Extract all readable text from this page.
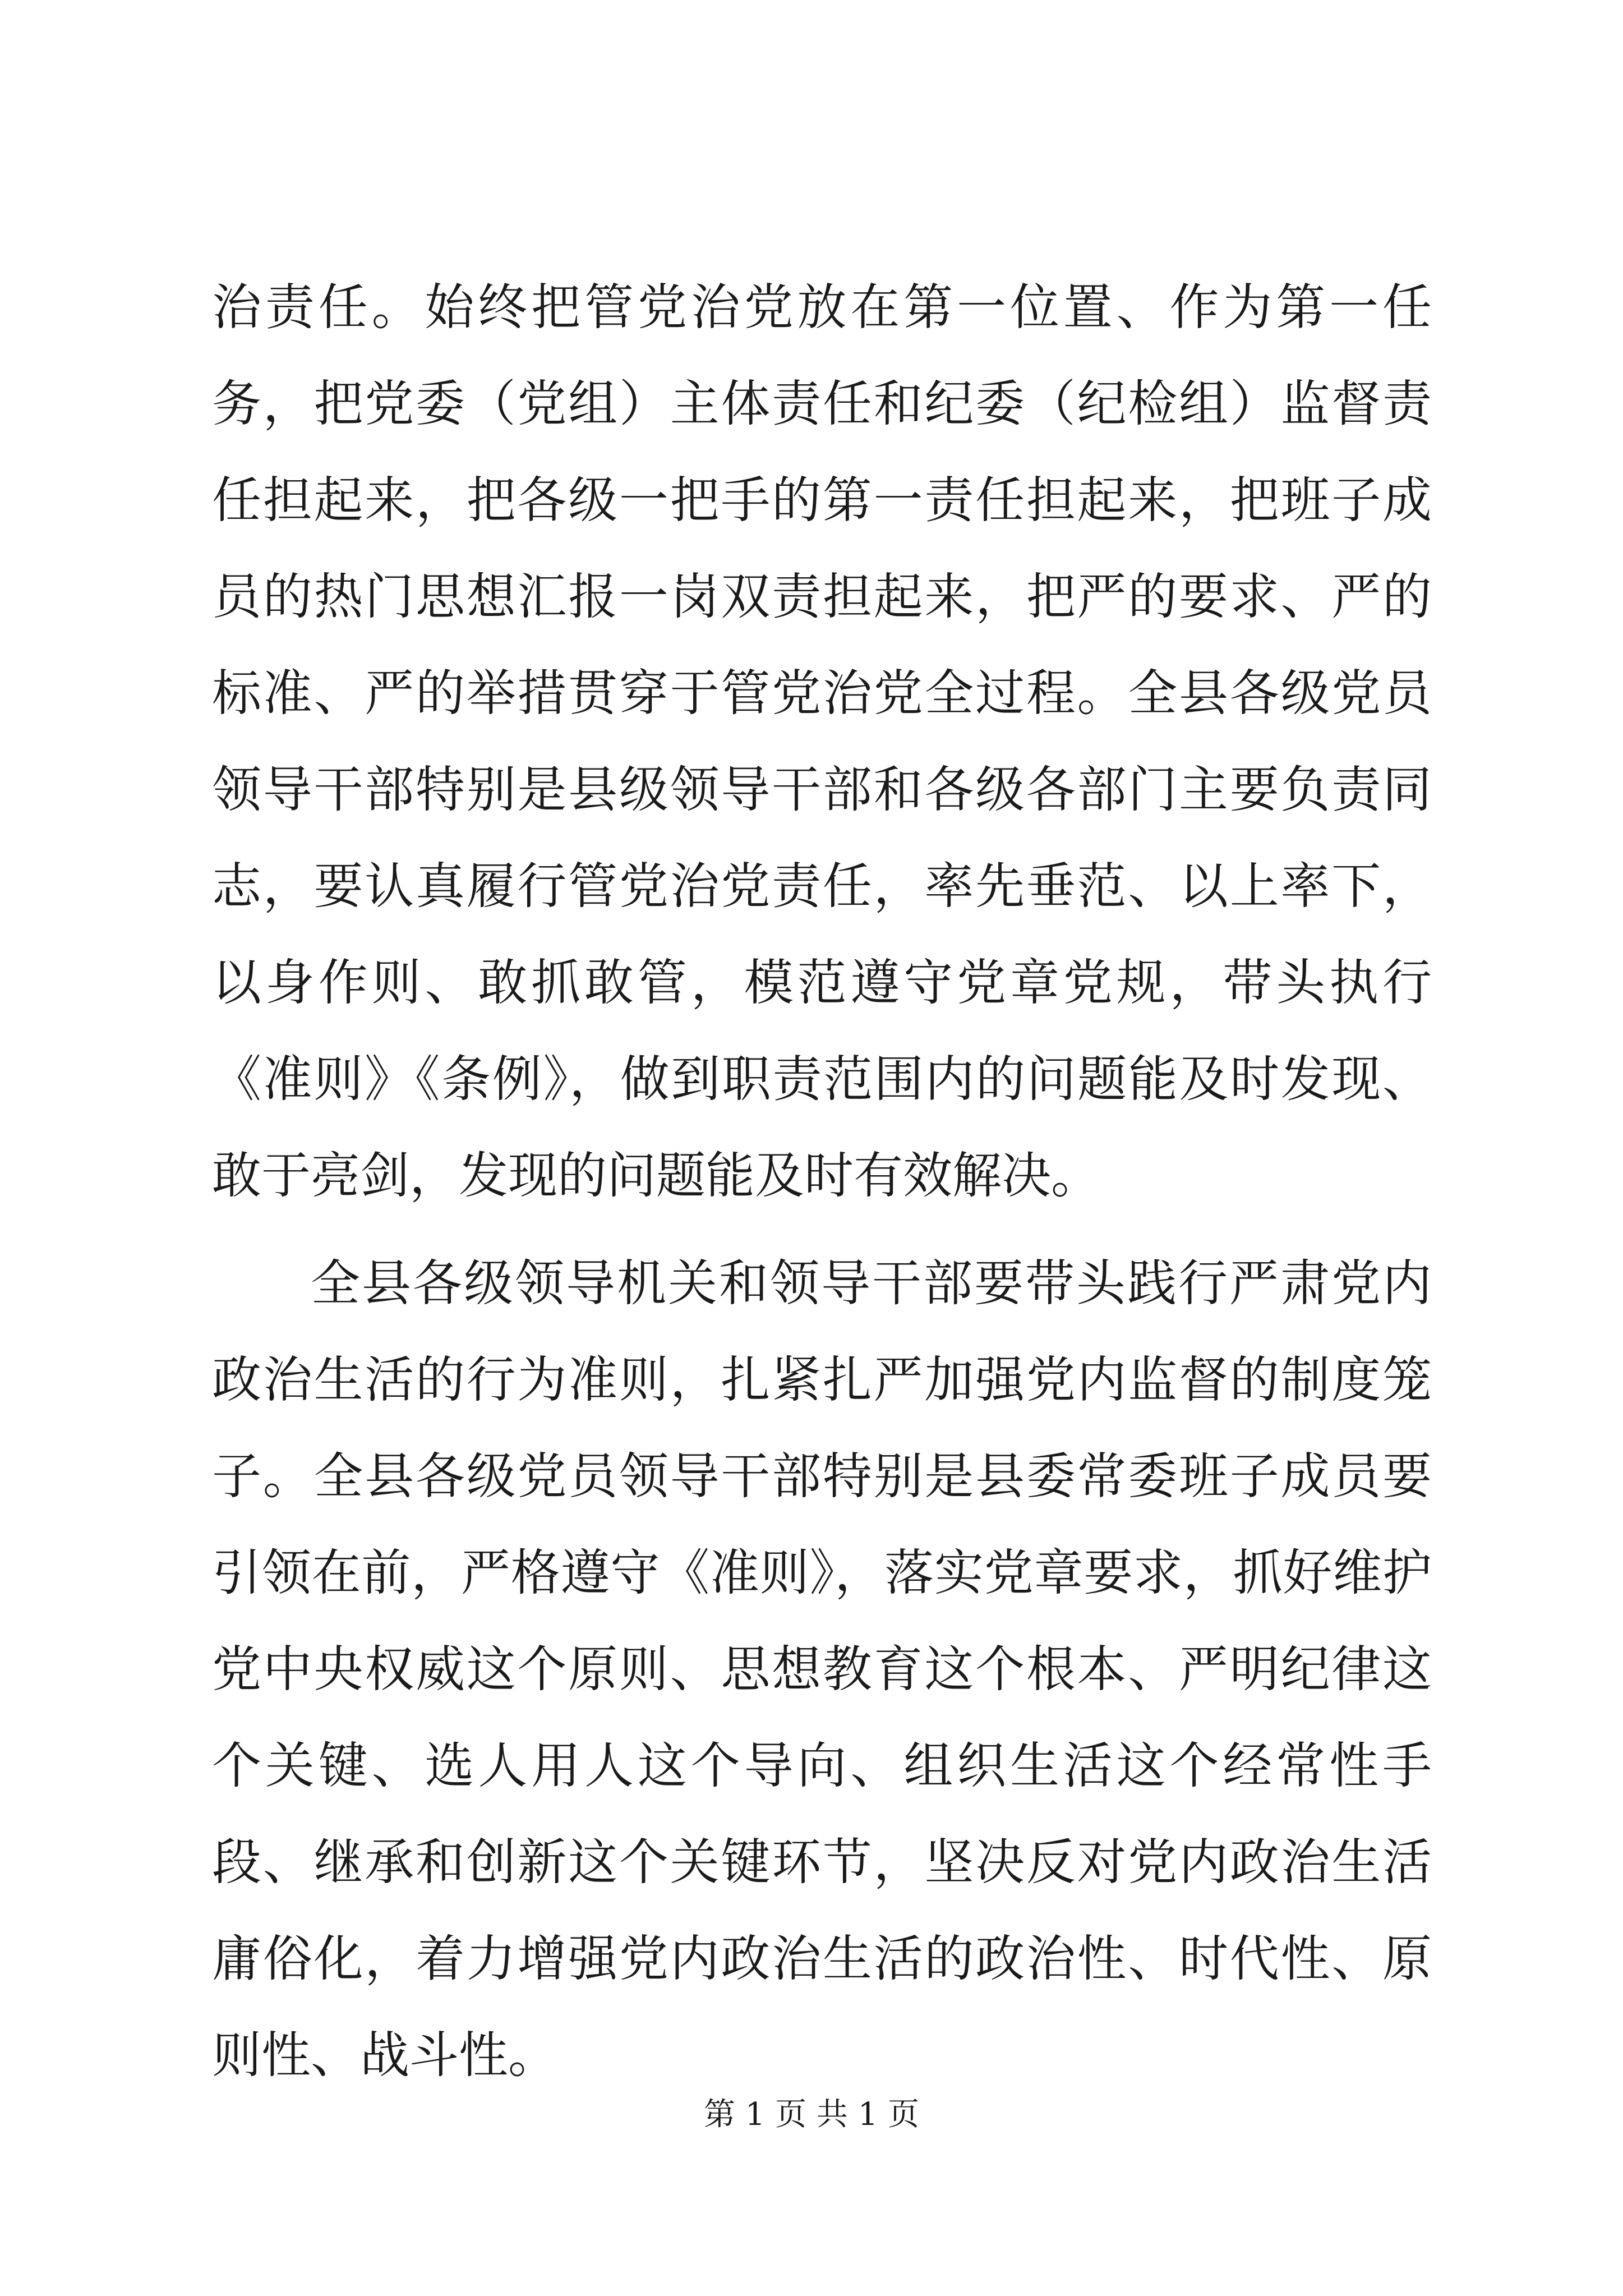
治责任。始终把管党治党放在第一位置、作为第一任务，把党委（党组）主体责任和纪委（纪检组）监督责任担起来，把各级一把手的第一责任担起来，把班子成员的热门思想汇报一岗双责担起来，把严的要求、严的标准、严的举措贯穿于管党治党全过程。全县各级党员领导干部特别是县级领导干部和各级各部门主要负责同志，要认真履行管党治党责任，率先垂范、以上率下，以身作则、敢抓敢管，模范遵守党章党规，带头执行《准则》《条例》，做到职责范围内的问题能及时发现、敢于亮剑，发现的问题能及时有效解决。

全县各级领导机关和领导干部要带头践行严肃党内政治生活的行为准则，扎紧扎严加强党内监督的制度笼子。全县各级党员领导干部特别是县委常委班子成员要引领在前，严格遵守《准则》，落实党章要求，抓好维护党中央权威这个原则、思想教育这个根本、严明纪律这个关键、选人用人这个导向、组织生活这个经常性手段、继承和创新这个关键环节，坚决反对党内政治生活庸俗化，着力增强党内政治生活的政治性、时代性、原则性、战斗性。

第 1 页 共 1 页
